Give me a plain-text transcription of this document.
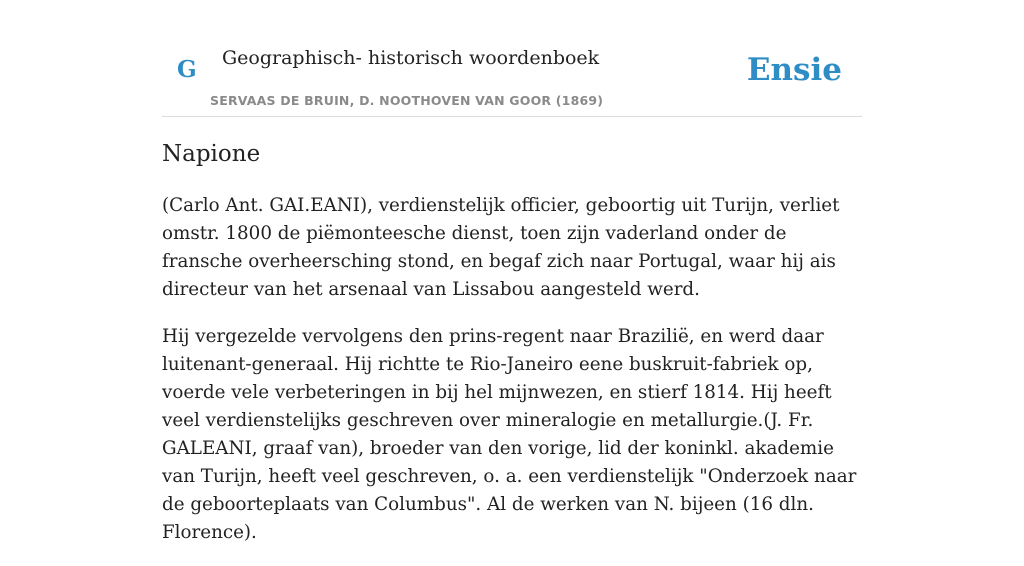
G Geographisch- historisch woordenboek
SERVAAS DE BRUIN, D. NOOTHOVEN VAN GOOR (1869)
Ensie
Napione

(Carlo Ant. GAI.EANI), verdienstelijk officier, geboortig uit Turijn, verliet omstr. 1800 de piëmonteesche dienst, toen zijn vaderland onder de fransche overheersching stond, en begaf zich naar Portugal, waar hij ais directeur van het arsenaal van Lissabou aangesteld werd.

Hij vergezelde vervolgens den prins-regent naar Brazilië, en werd daar luitenant-generaal. Hij richtte te Rio-Janeiro eene buskruit-fabriek op, voerde vele verbeteringen in bij hel mijnwezen, en stierf 1814. Hij heeft veel verdienstelijks geschreven over mineralogie en metallurgie.(J. Fr. GALEANI, graaf van), broeder van den vorige, lid der koninkl. akademie van Turijn, heeft veel geschreven, o. a. een verdienstelijk "Onderzoek naar de geboorteplaats van Columbus". Al de werken van N. bijeen (16 dln. Florence).
